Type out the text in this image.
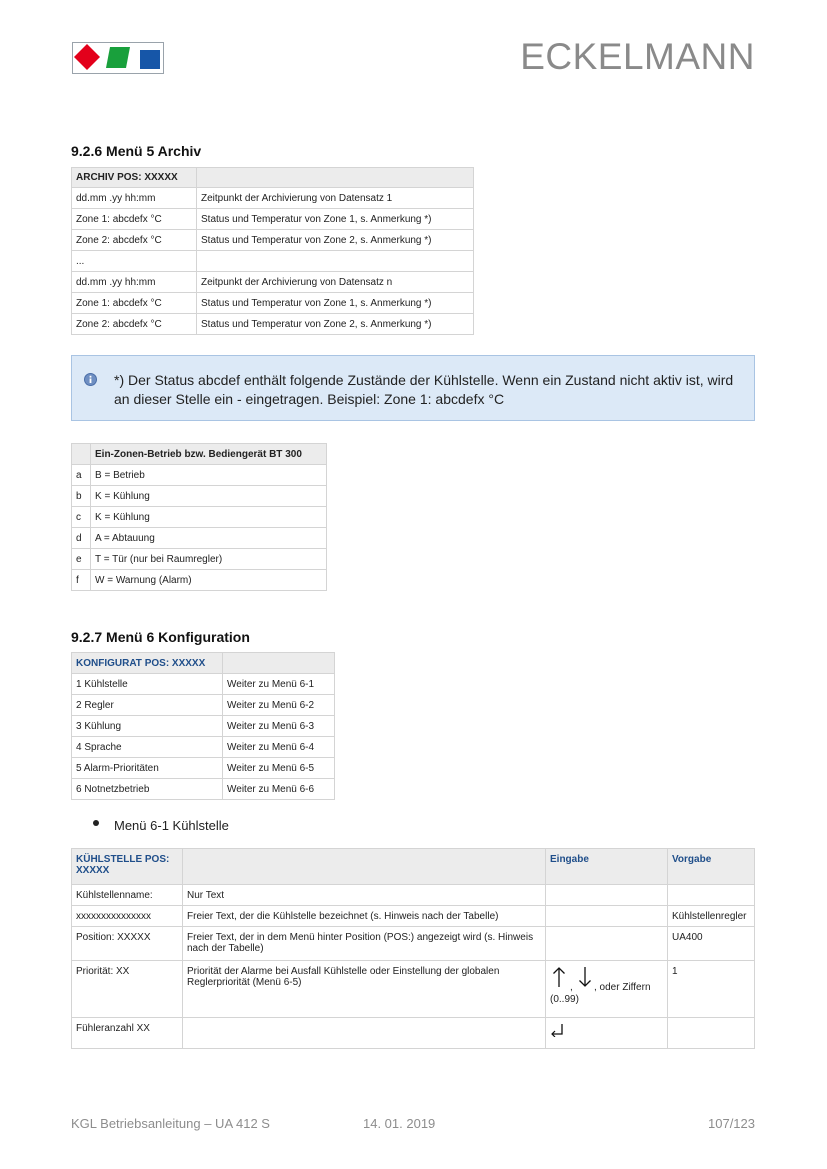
ECKELMANN
9.2.6 Menü 5 Archiv
ARCHIV POS: XXXXX	
dd.mm .yy hh:mm	Zeitpunkt der Archivierung von Datensatz 1
Zone 1: abcdefx °C	Status und Temperatur von Zone 1, s. Anmerkung *)
Zone 2: abcdefx °C	Status und Temperatur von Zone 2, s. Anmerkung *)
...	
dd.mm .yy hh:mm	Zeitpunkt der Archivierung von Datensatz n
Zone 1: abcdefx °C	Status und Temperatur von Zone 1, s. Anmerkung *)
Zone 2: abcdefx °C	Status und Temperatur von Zone 2, s. Anmerkung *)
*) Der Status abcdef enthält folgende Zustände der Kühlstelle. Wenn ein Zustand nicht aktiv ist, wird an dieser Stelle ein - eingetragen. Beispiel: Zone 1: abcdefx °C
	Ein-Zonen-Betrieb bzw. Bediengerät BT 300
a	B = Betrieb
b	K = Kühlung
c	K = Kühlung
d	A = Abtauung
e	T = Tür (nur bei Raumregler)
f	W = Warnung (Alarm)
9.2.7 Menü 6 Konfiguration
KONFIGURAT POS: XXXXX	
1 Kühlstelle	Weiter zu Menü 6-1
2 Regler	Weiter zu Menü 6-2
3 Kühlung	Weiter zu Menü 6-3
4 Sprache	Weiter zu Menü 6-4
5 Alarm-Prioritäten	Weiter zu Menü 6-5
6 Notnetzbetrieb	Weiter zu Menü 6-6
Menü 6-1 Kühlstelle
KÜHLSTELLE POS: XXXXX		Eingabe	Vorgabe
Kühlstellenname:	Nur Text		
xxxxxxxxxxxxxxx	Freier Text, der die Kühlstelle bezeichnet (s. Hinweis nach der Tabelle)		Kühlstellenregler
Position: XXXXX	Freier Text, der in dem Menü hinter Position (POS:) angezeigt wird (s. Hinweis nach der Tabelle)		UA400
Priorität: XX	Priorität der Alarme bei Ausfall Kühlstelle oder Einstellung der globalen Reglerpriorität (Menü 6-5)	, , oder Ziffern (0..99)	1
Fühleranzahl XX			
KGL Betriebsanleitung – UA 412 S	14. 01. 2019	107/123
